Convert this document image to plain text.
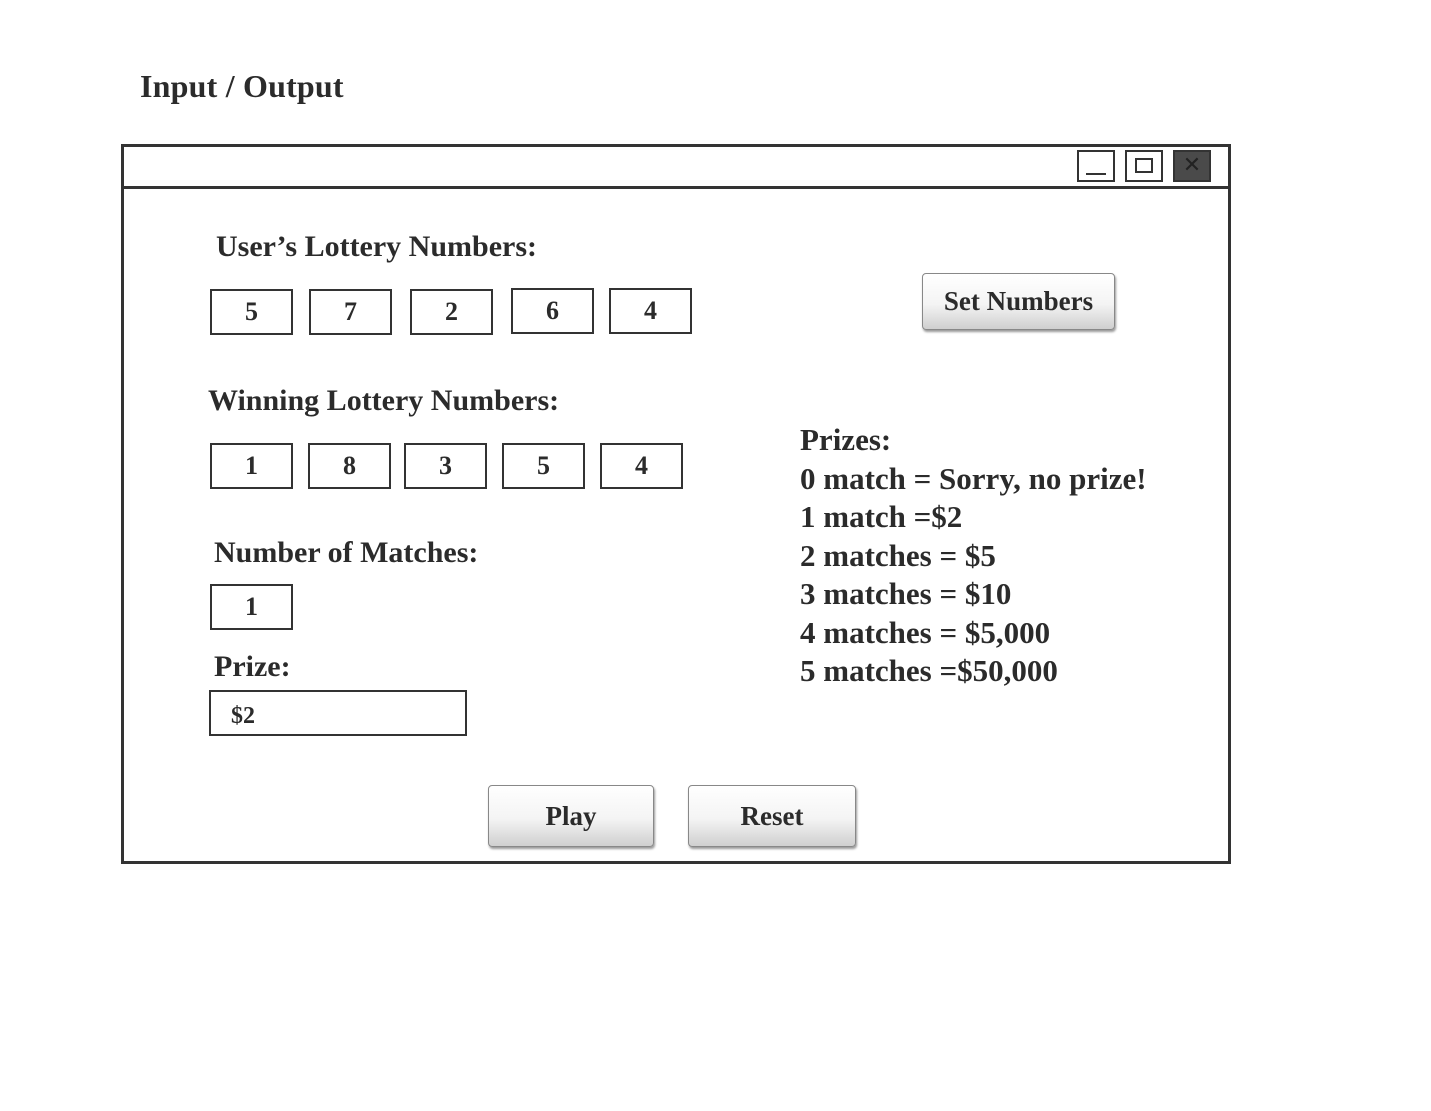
Input / Output
✕
User’s Lottery Numbers:
5	7	2	6	4	Set Numbers
Winning Lottery Numbers:
1	8	3	5	4
Number of Matches:
1
Prize:
$2
Prizes:
0 match = Sorry, no prize!
1 match =$2
2 matches = $5
3 matches = $10
4 matches = $5,000
5 matches =$50,000
Play	Reset
